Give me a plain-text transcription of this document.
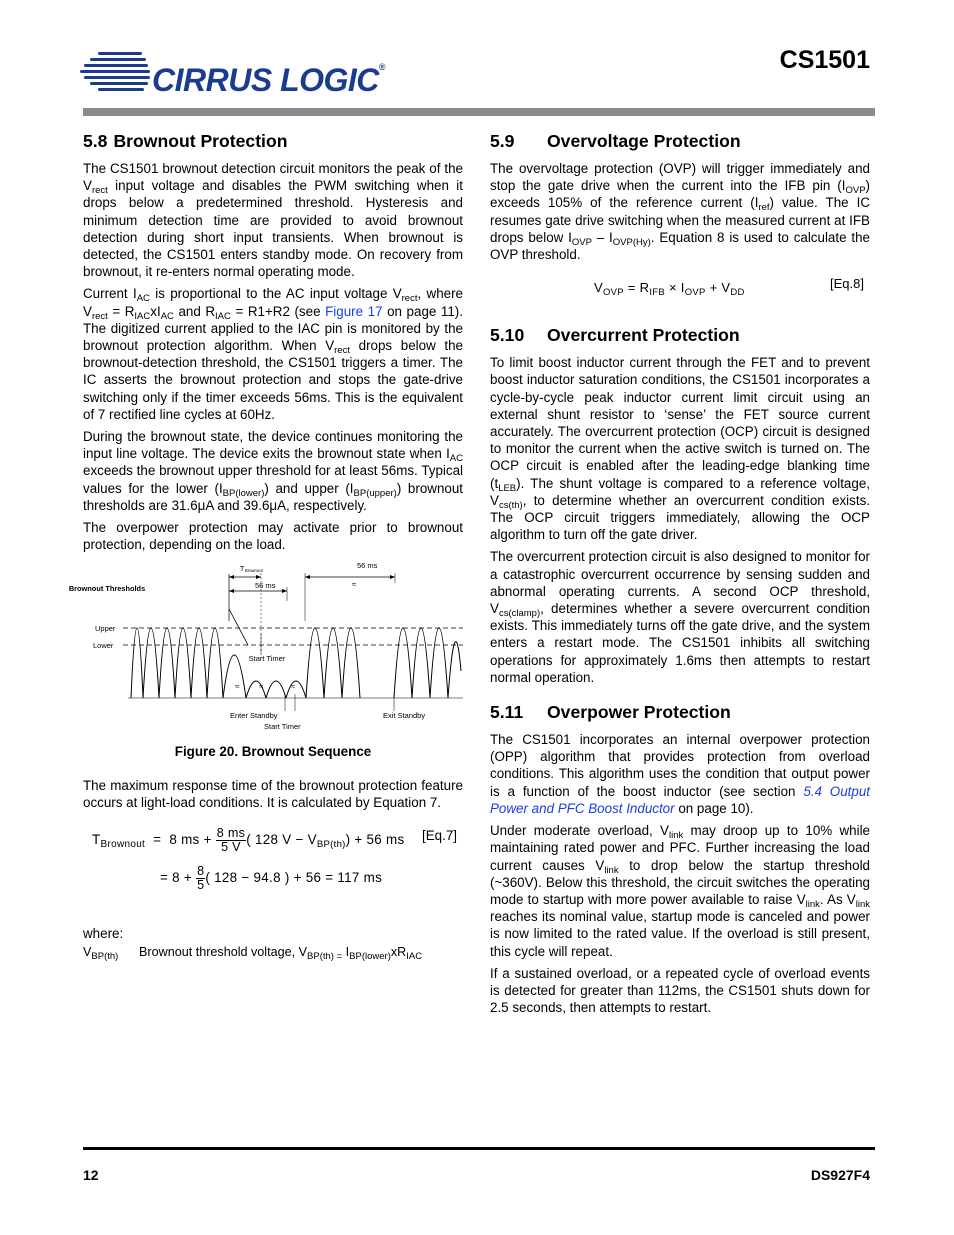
CIRRUS LOGIC®	CS1501
5.8 Brownout Protection

The CS1501 brownout detection circuit monitors the peak of the $V_{rect}$ input voltage and disables the PWM switching when it drops below a predetermined threshold. Hysteresis and minimum detection time are provided to avoid brownout detection during short input transients. When brownout is detected, the CS1501 enters standby mode. On recovery from brownout, it re-enters normal operating mode.

Current $I_{AC}$ is proportional to the AC input voltage $V_{rect}$, where $V_{rect} = R_{IAC}xI_{AC}$ and $R_{IAC} = R1+R2$ (see Figure 17 on page 11). The digitized current applied to the IAC pin is monitored by the brownout protection algorithm. When $V_{rect}$ drops below the brownout-detection threshold, the CS1501 triggers a timer. The IC asserts the brownout protection and stops the gate-drive switching only if the timer exceeds 56ms. This is the equivalent of 7 rectified line cycles at 60Hz.

During the brownout state, the device continues monitoring the input line voltage. The device exits the brownout state when $I_{AC}$ exceeds the brownout upper threshold for at least 56ms. Typical values for the lower $(I_{BP(lower)})$ and upper $(I_{BP(upper)})$ brownout thresholds are 31.6μA and 39.6μA, respectively.

The overpower protection may activate prior to brownout protection, depending on the load.

T Brownout
56 ms
≈
56 ms
Brownout Thresholds
Upper
Lower
Start Timer
≈ ≈	≈
Enter Standby
Start Timer
Exit Standby
Figure 20. Brownout Sequence

The maximum response time of the brownout protection feature occurs at light-load conditions. It is calculated by Equation 7.

$T_{Brownout} = 8$ ms + $\frac{8 ms}{5 V}$ ( 128 $V - V_{BP(th)}) + 56$ ms [Eq.7]
= $8 + \frac{8}{5}$ ( 128 − 94.8 ) + 56 = 117 ms

where:

$V_{BP(th)}$	Brownout threshold voltage, $V_{BP(th) =}$ $I_{BP(lower)}xR_{IAC}$
5.9 Overvoltage Protection

The overvoltage protection (OVP) will trigger immediately and stop the gate drive when the current into the IFB pin $(I_{OVP})$ exceeds 105% of the reference current $(I_{ref})$ value. The IC resumes gate drive switching when the measured current at IFB drops below $I_{OVP} - I_{OVP(Hy)}$. Equation 8 is used to calculate the OVP threshold.

$V_{OVP} = R_{IFB} \times I_{OVP} + V_{DD}$
[Eq.8]
5.10 Overcurrent Protection

To limit boost inductor current through the FET and to prevent boost inductor saturation conditions, the CS1501 incorporates a cycle-by-cycle peak inductor current limit circuit using an external shunt resistor to ‘sense’ the FET source current accurately. The overcurrent protection (OCP) circuit is designed to monitor the current when the active switch is turned on. The OCP circuit is enabled after the leading-edge blanking time $(t_{LEB})$. The shunt voltage is compared to a reference voltage, $V_{cs(th)}$, to determine whether an overcurrent condition exists. The OCP circuit triggers immediately, allowing the OCP algorithm to turn off the gate driver.

The overcurrent protection circuit is also designed to monitor for a catastrophic overcurrent occurrence by sensing sudden and abnormal operating currents. A second OCP threshold, $V_{cs(clamp)}$, determines whether a severe overcurrent condition exists. This immediately turns off the gate drive, and the system enters a restart mode. The CS1501 inhibits all switching operations for approximately 1.6ms then attempts to restart normal operation.

5.11 Overpower Protection

The CS1501 incorporates an internal overpower protection (OPP) algorithm that provides protection from overload conditions. This algorithm uses the condition that output power is a function of the boost inductor (see section 5.4 Output Power and PFC Boost Inductor on page 10).

Under moderate overload, $V_{link}$ may droop up to 10% while maintaining rated power and PFC. Further increasing the load current causes $V_{link}$ to drop below the startup threshold (~360V). Below this threshold, the circuit switches the operating mode to startup with more power available to raise $V_{link}$. As $V_{link}$ reaches its nominal value, startup mode is canceled and power is now limited to the rated value. If the overload is still present, this cycle will repeat.

If a sustained overload, or a repeated cycle of overload events is detected for greater than 112ms, the CS1501 shuts down for 2.5 seconds, then attempts to restart.

12	DS927F4
